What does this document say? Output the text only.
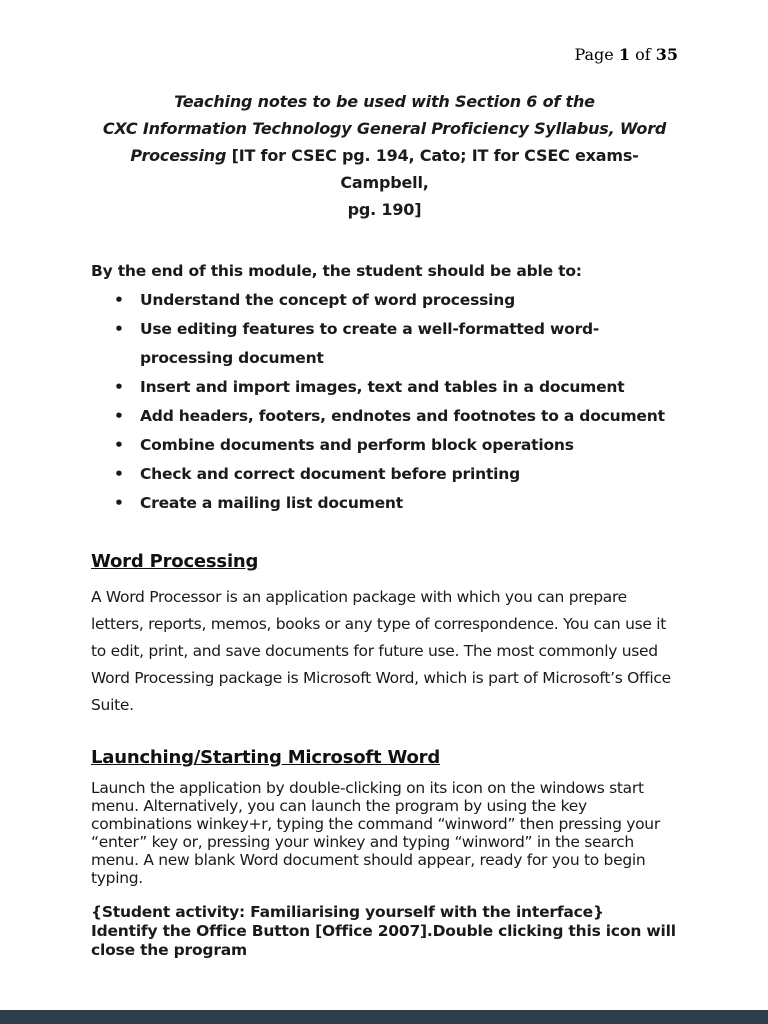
Page 1 of 35
Teaching notes to be used with Section 6 of the
CXC Information Technology General Proficiency Syllabus, Word
Processing [IT for CSEC pg. 194, Cato; IT for CSEC exams- Campbell,
pg. 190]

By the end of this module, the student should be able to:

• Understand the concept of word processing
• Use editing features to create a well-formatted word-processing document
• Insert and import images, text and tables in a document
• Add headers, footers, endnotes and footnotes to a document
• Combine documents and perform block operations
• Check and correct document before printing
• Create a mailing list document
Word Processing

A Word Processor is an application package with which you can prepare letters, reports, memos, books or any type of correspondence. You can use it to edit, print, and save documents for future use. The most commonly used Word Processing package is Microsoft Word, which is part of Microsoft’s Office Suite.

Launching/Starting Microsoft Word

Launch the application by double-clicking on its icon on the windows start menu. Alternatively, you can launch the program by using the key combinations winkey+r, typing the command “winword” then pressing your “enter” key or, pressing your winkey and typing “winword” in the search menu. A new blank Word document should appear, ready for you to begin typing.

{Student activity: Familiarising yourself with the interface}
Identify the Office Button [Office 2007].Double clicking this icon will close the program
